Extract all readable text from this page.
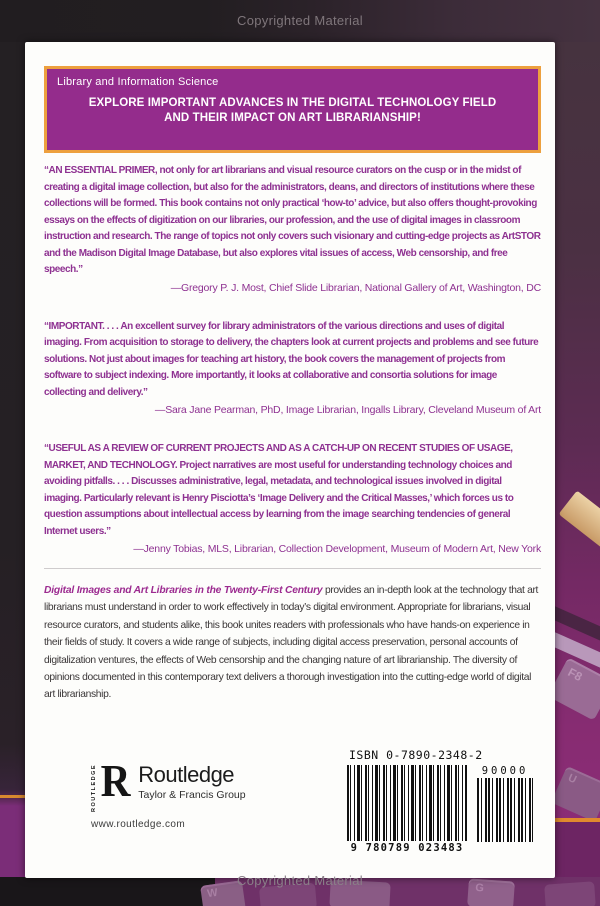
F8
U
W	G
Copyrighted Material
Copyrighted Material
Library and Information Science
EXPLORE IMPORTANT ADVANCES IN THE DIGITAL TECHNOLOGY FIELD
AND THEIR IMPACT ON ART LIBRARIANSHIP!
“AN ESSENTIAL PRIMER, not only for art librarians and visual resource curators on the cusp or in the midst of creating a digital image collection, but also for the administrators, deans, and directors of institutions where these collections will be formed. This book contains not only practical ‘how-to’ advice, but also offers thought-provoking essays on the effects of digitization on our libraries, our profession, and the use of digital images in classroom instruction and research. The range of topics not only covers such visionary and cutting-edge projects as ArtSTOR and the Madison Digital Image Database, but also explores vital issues of access, Web censorship, and free speech.”
—Gregory P. J. Most, Chief Slide Librarian, National Gallery of Art, Washington, DC
“IMPORTANT. . . . An excellent survey for library administrators of the various directions and uses of digital imaging. From acquisition to storage to delivery, the chapters look at current projects and problems and see future solutions. Not just about images for teaching art history, the book covers the management of projects from software to subject indexing. More importantly, it looks at collaborative and consortia solutions for image collecting and delivery.”
—Sara Jane Pearman, PhD, Image Librarian, Ingalls Library, Cleveland Museum of Art
“USEFUL AS A REVIEW OF CURRENT PROJECTS AND AS A CATCH-UP ON RECENT STUDIES OF USAGE, MARKET, AND TECHNOLOGY. Project narratives are most useful for understanding technology choices and avoiding pitfalls. . . . Discusses administrative, legal, metadata, and technological issues involved in digital imaging. Particularly relevant is Henry Pisciotta’s ‘Image Delivery and the Critical Masses,’ which forces us to question assumptions about intellectual access by learning from the image searching tendencies of general Internet users.”
—Jenny Tobias, MLS, Librarian, Collection Development, Museum of Modern Art, New York
Digital Images and Art Libraries in the Twenty-First Century provides an in-depth look at the technology that art librarians must understand in order to work effectively in today’s digital environment. Appropriate for librarians, visual resource curators, and students alike, this book unites readers with professionals who have hands-on experience in their fields of study. It covers a wide range of subjects, including digital access preservation, personal accounts of digitalization ventures, the effects of Web censorship and the changing nature of art librarianship. The diversity of opinions documented in this contemporary text delivers a thorough investigation into the cutting-edge world of digital art librarianship.
ROUTLEDGE R Routledge
Taylor & Francis Group
www.routledge.com
ISBN 0-7890-2348-2
9 780789 023483
90000
